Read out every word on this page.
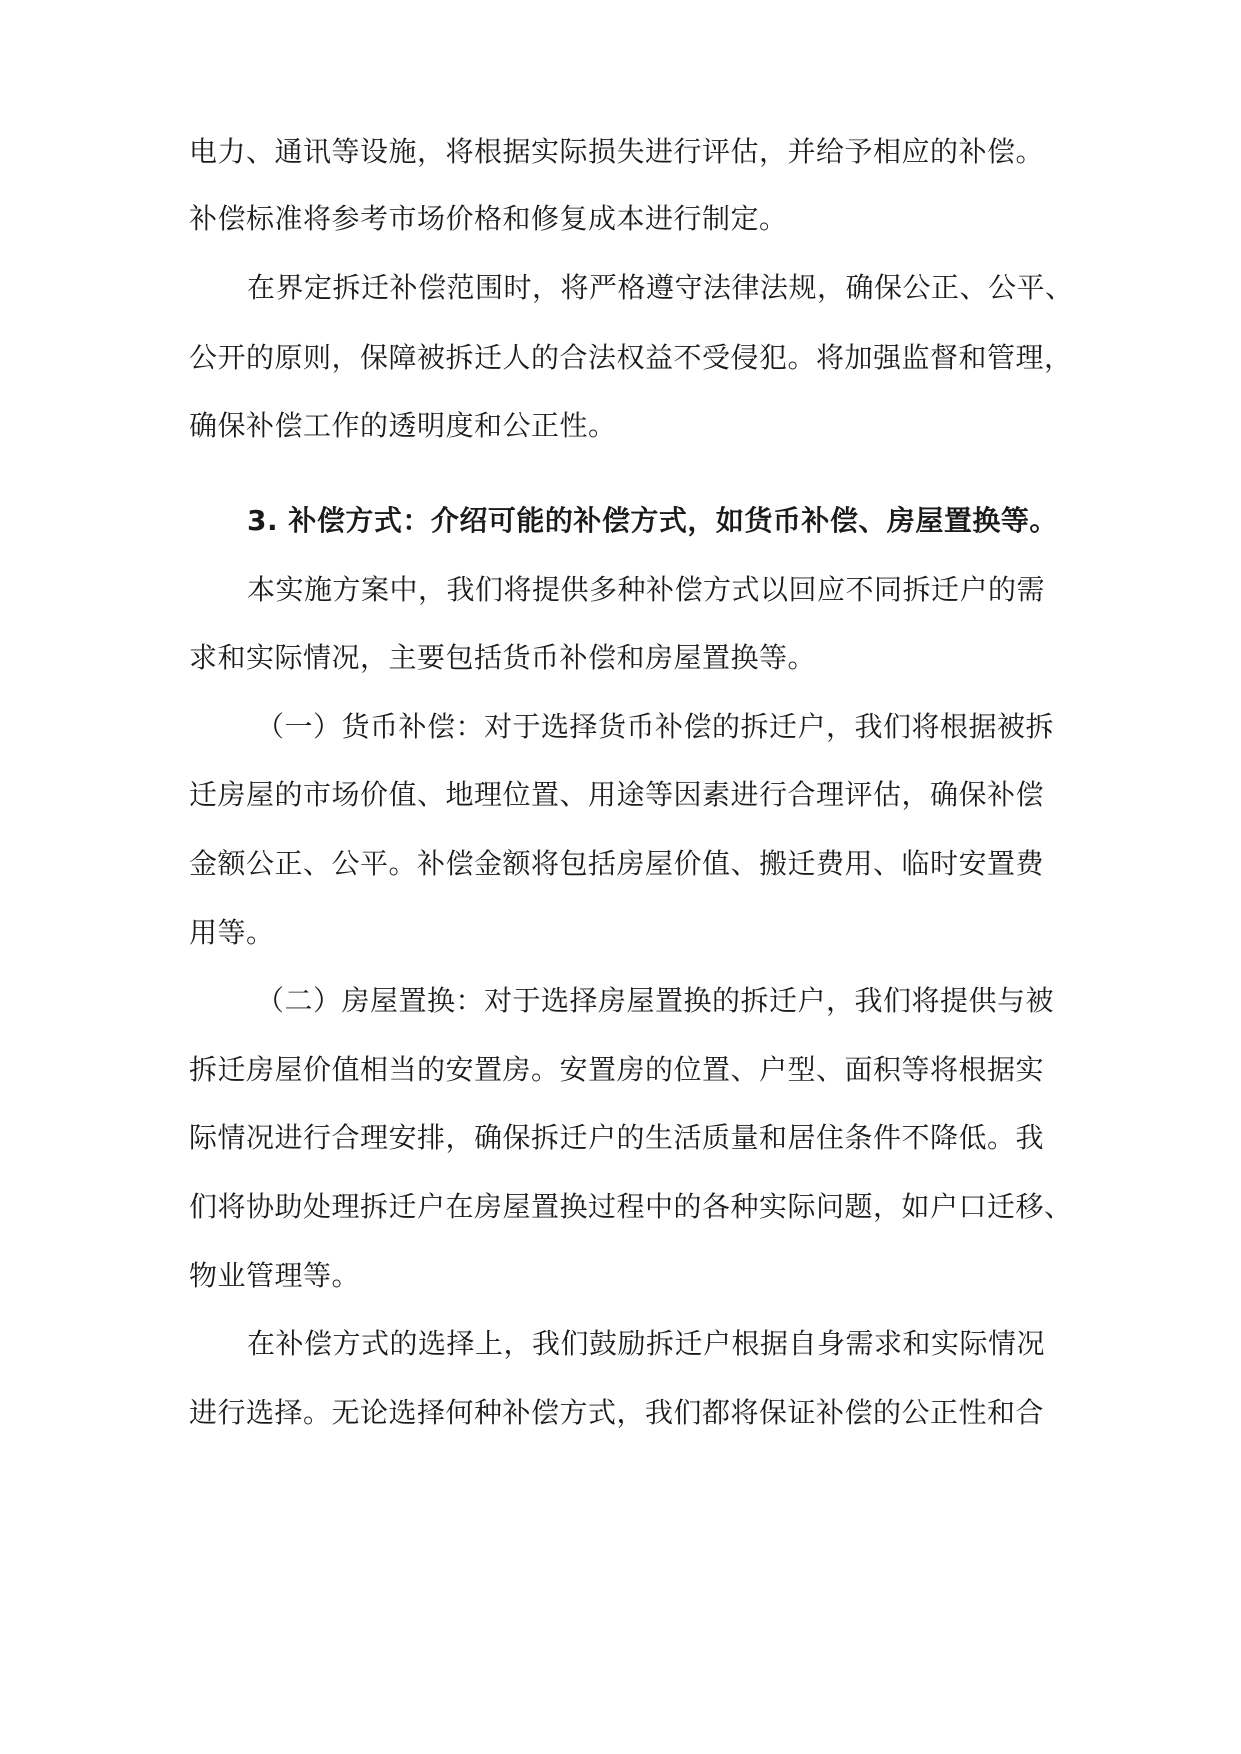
电力、通讯等设施，将根据实际损失进行评估，并给予相应的补偿。
补偿标准将参考市场价格和修复成本进行制定。
在界定拆迁补偿范围时，将严格遵守法律法规，确保公正、公平、
公开的原则，保障被拆迁人的合法权益不受侵犯。将加强监督和管理，
确保补偿工作的透明度和公正性。
3. 补偿方式：介绍可能的补偿方式，如货币补偿、房屋置换等。
本实施方案中，我们将提供多种补偿方式以回应不同拆迁户的需
求和实际情况，主要包括货币补偿和房屋置换等。
（一）货币补偿：对于选择货币补偿的拆迁户，我们将根据被拆
迁房屋的市场价值、地理位置、用途等因素进行合理评估，确保补偿
金额公正、公平。补偿金额将包括房屋价值、搬迁费用、临时安置费
用等。
（二）房屋置换：对于选择房屋置换的拆迁户，我们将提供与被
拆迁房屋价值相当的安置房。安置房的位置、户型、面积等将根据实
际情况进行合理安排，确保拆迁户的生活质量和居住条件不降低。我
们将协助处理拆迁户在房屋置换过程中的各种实际问题，如户口迁移、
物业管理等。
在补偿方式的选择上，我们鼓励拆迁户根据自身需求和实际情况
进行选择。无论选择何种补偿方式，我们都将保证补偿的公正性和合
